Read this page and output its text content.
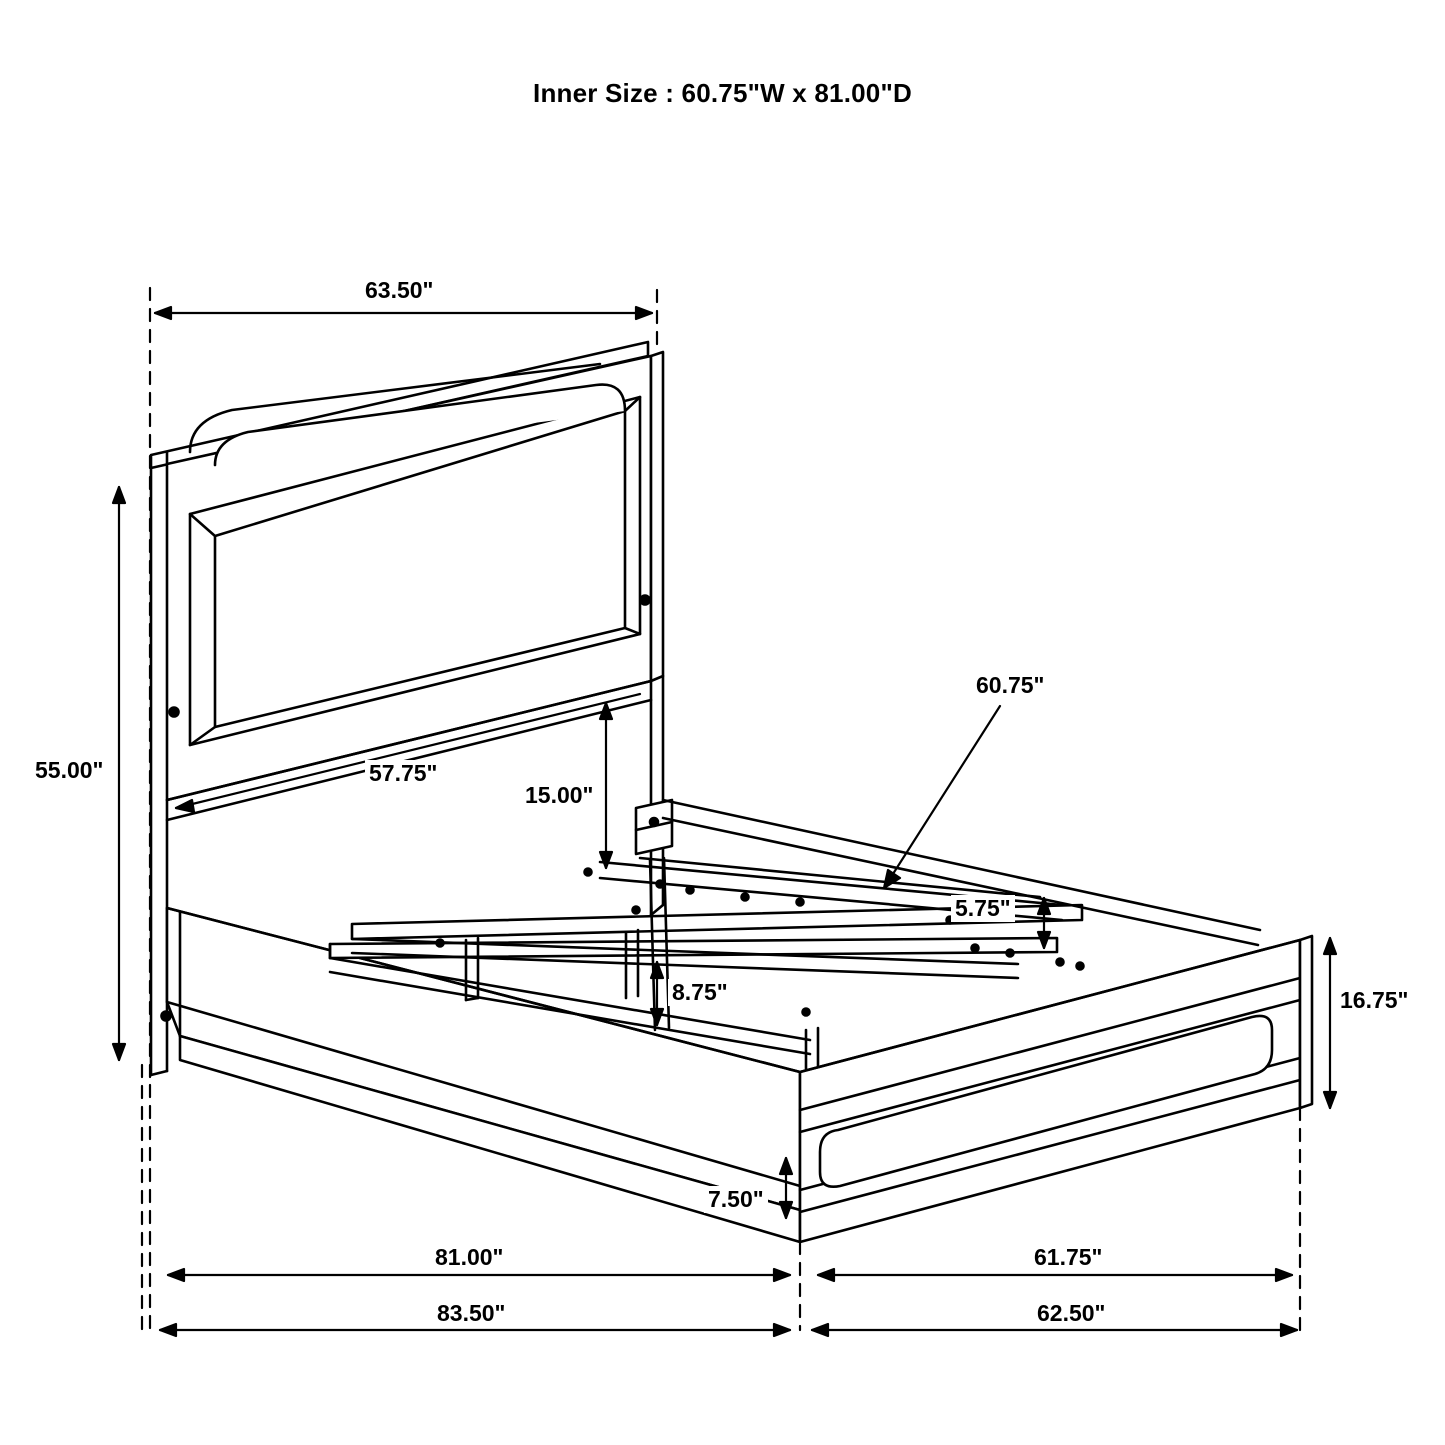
Inner Size : 60.75"W x 81.00"D
63.50"
55.00"	57.75"
15.00"
60.75"
5.75"
8.75"	16.75"
7.50"
81.00"
83.50"
61.75"
62.50"
